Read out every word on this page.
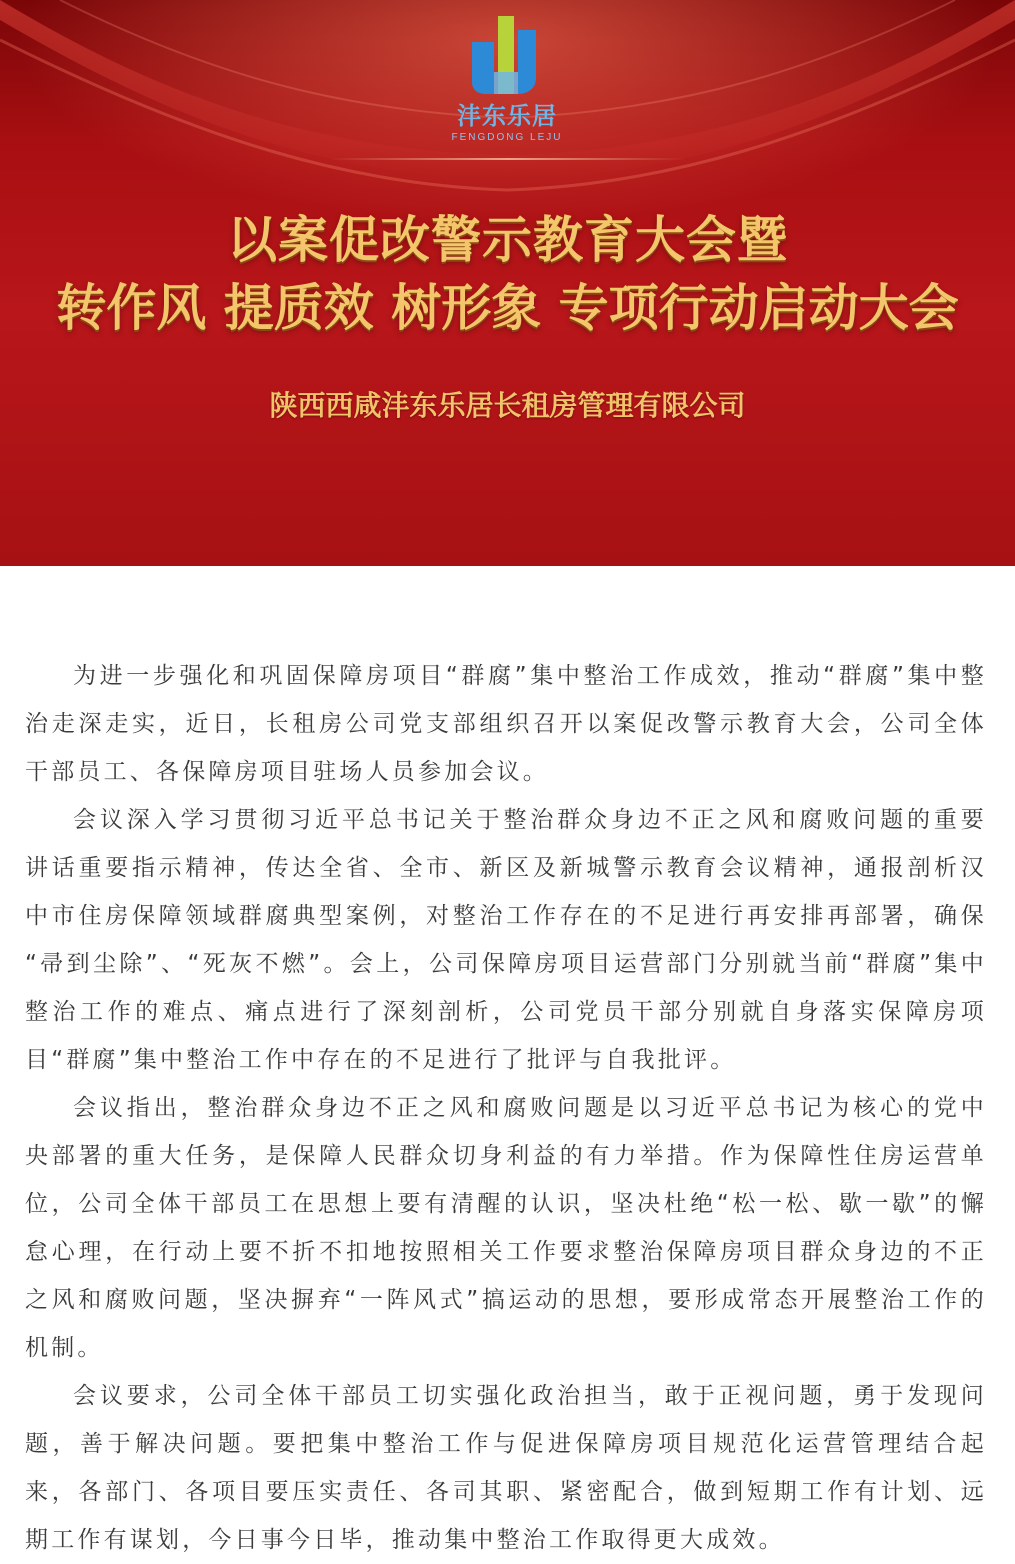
沣东乐居
FENGDONG LEJU
以案促改警示教育大会暨
转作风 提质效 树形象 专项行动启动大会
陕西西咸沣东乐居长租房管理有限公司

为进一步强化和巩固保障房项目“群腐”集中整治工作成效，推动“群腐”集中整治走深走实，近日，长租房公司党支部组织召开以案促改警示教育大会，公司全体干部员工、各保障房项目驻场人员参加会议。

会议深入学习贯彻习近平总书记关于整治群众身边不正之风和腐败问题的重要讲话重要指示精神，传达全省、全市、新区及新城警示教育会议精神，通报剖析汉中市住房保障领域群腐典型案例，对整治工作存在的不足进行再安排再部署，确保 “帚到尘除”、“死灰不燃”。会上，公司保障房项目运营部门分别就当前“群腐”集中整治工作的难点、痛点进行了深刻剖析，公司党员干部分别就自身落实保障房项目“群腐”集中整治工作中存在的不足进行了批评与自我批评。

会议指出，整治群众身边不正之风和腐败问题是以习近平总书记为核心的党中央部署的重大任务，是保障人民群众切身利益的有力举措。作为保障性住房运营单位，公司全体干部员工在思想上要有清醒的认识，坚决杜绝“松一松、歇一歇”的懈怠心理，在行动上要不折不扣地按照相关工作要求整治保障房项目群众身边的不正之风和腐败问题，坚决摒弃“一阵风式”搞运动的思想，要形成常态开展整治工作的机制。

会议要求，公司全体干部员工切实强化政治担当，敢于正视问题，勇于发现问题，善于解决问题。要把集中整治工作与促进保障房项目规范化运营管理结合起来，各部门、各项目要压实责任、各司其职、紧密配合，做到短期工作有计划、远期工作有谋划，今日事今日毕，推动集中整治工作取得更大成效。
